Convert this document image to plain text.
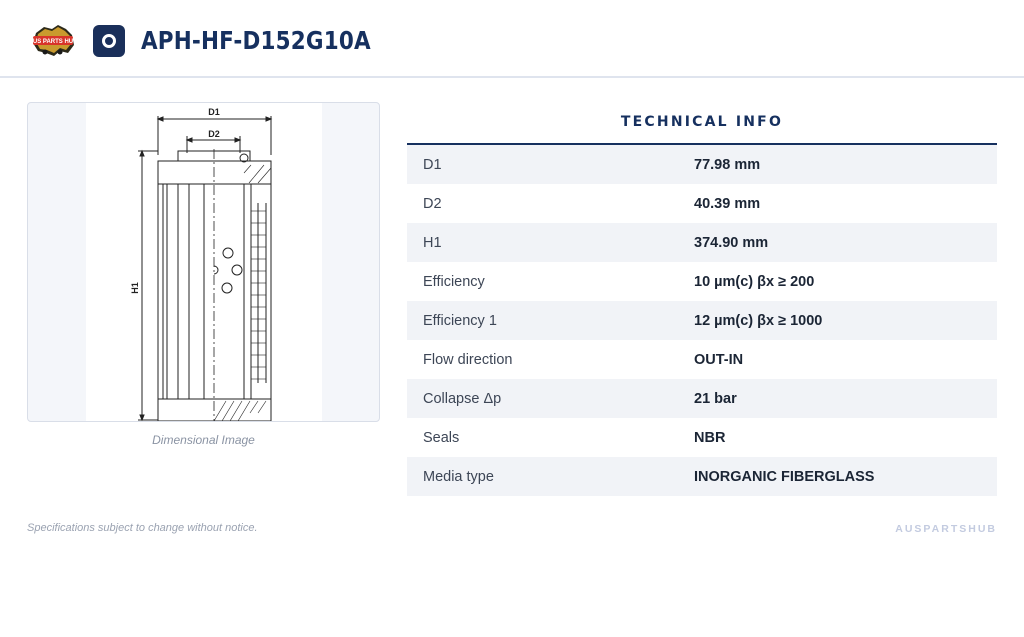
AUS PARTS HUB	APH-HF-D152G10A
D1
D2
H1
Dimensional Image
TECHNICAL INFO
D1	77.98 mm
D2	40.39 mm
H1	374.90 mm
Efficiency	10 µm(c) βx ≥ 200
Efficiency 1	12 µm(c) βx ≥ 1000
Flow direction	OUT-IN
Collapse Δp	21 bar
Seals	NBR
Media type	INORGANIC FIBERGLASS
Specifications subject to change without notice.	AUSPARTSHUB
